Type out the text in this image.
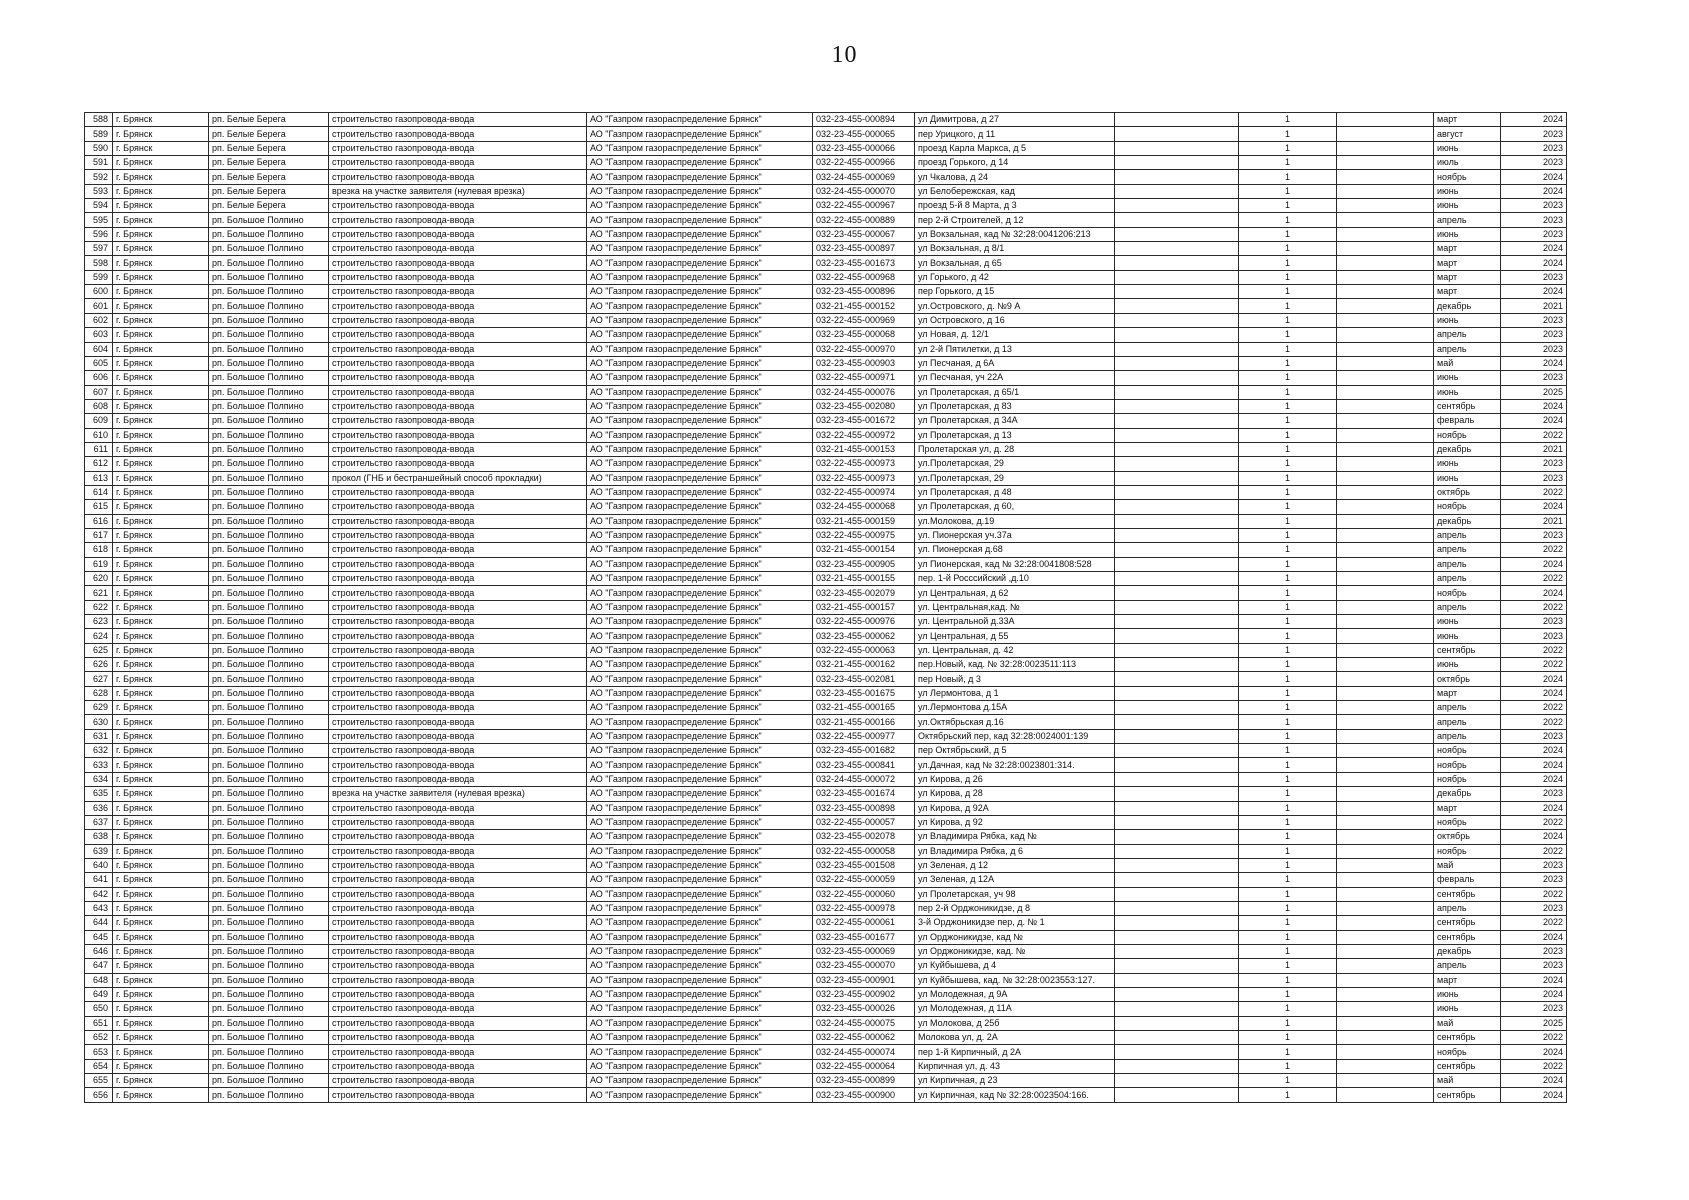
10
588	г. Брянск	рп. Белые Берега	строительство газопровода-ввода	АО "Газпром газораспределение Брянск"	032-23-455-000894	ул Димитрова, д 27		1		март	2024
589	г. Брянск	рп. Белые Берега	строительство газопровода-ввода	АО "Газпром газораспределение Брянск"	032-23-455-000065	пер Урицкого, д 11		1		август	2023
590	г. Брянск	рп. Белые Берега	строительство газопровода-ввода	АО "Газпром газораспределение Брянск"	032-23-455-000066	проезд Карла Маркса, д 5		1		июнь	2023
591	г. Брянск	рп. Белые Берега	строительство газопровода-ввода	АО "Газпром газораспределение Брянск"	032-22-455-000966	проезд Горького, д 14		1		июль	2023
592	г. Брянск	рп. Белые Берега	строительство газопровода-ввода	АО "Газпром газораспределение Брянск"	032-24-455-000069	ул Чкалова, д 24		1		ноябрь	2024
593	г. Брянск	рп. Белые Берега	врезка на участке заявителя (нулевая врезка)	АО "Газпром газораспределение Брянск"	032-24-455-000070	ул Белобережская, кад		1		июнь	2024
594	г. Брянск	рп. Белые Берега	строительство газопровода-ввода	АО "Газпром газораспределение Брянск"	032-22-455-000967	проезд 5-й 8 Марта, д 3		1		июнь	2023
595	г. Брянск	рп. Большое Полпино	строительство газопровода-ввода	АО "Газпром газораспределение Брянск"	032-22-455-000889	пер 2-й Строителей, д 12		1		апрель	2023
596	г. Брянск	рп. Большое Полпино	строительство газопровода-ввода	АО "Газпром газораспределение Брянск"	032-23-455-000067	ул Вокзальная, кад № 32:28:0041206:213		1		июнь	2023
597	г. Брянск	рп. Большое Полпино	строительство газопровода-ввода	АО "Газпром газораспределение Брянск"	032-23-455-000897	ул Вокзальная, д 8/1		1		март	2024
598	г. Брянск	рп. Большое Полпино	строительство газопровода-ввода	АО "Газпром газораспределение Брянск"	032-23-455-001673	ул Вокзальная, д 65		1		март	2024
599	г. Брянск	рп. Большое Полпино	строительство газопровода-ввода	АО "Газпром газораспределение Брянск"	032-22-455-000968	ул Горького, д 42		1		март	2023
600	г. Брянск	рп. Большое Полпино	строительство газопровода-ввода	АО "Газпром газораспределение Брянск"	032-23-455-000896	пер Горького, д 15		1		март	2024
601	г. Брянск	рп. Большое Полпино	строительство газопровода-ввода	АО "Газпром газораспределение Брянск"	032-21-455-000152	ул.Островского, д. №9 А		1		декабрь	2021
602	г. Брянск	рп. Большое Полпино	строительство газопровода-ввода	АО "Газпром газораспределение Брянск"	032-22-455-000969	ул Островского, д 16		1		июнь	2023
603	г. Брянск	рп. Большое Полпино	строительство газопровода-ввода	АО "Газпром газораспределение Брянск"	032-23-455-000068	ул Новая, д. 12/1		1		апрель	2023
604	г. Брянск	рп. Большое Полпино	строительство газопровода-ввода	АО "Газпром газораспределение Брянск"	032-22-455-000970	ул 2-й Пятилетки, д 13		1		апрель	2023
605	г. Брянск	рп. Большое Полпино	строительство газопровода-ввода	АО "Газпром газораспределение Брянск"	032-23-455-000903	ул Песчаная, д 6А		1		май	2024
606	г. Брянск	рп. Большое Полпино	строительство газопровода-ввода	АО "Газпром газораспределение Брянск"	032-22-455-000971	ул Песчаная, уч 22А		1		июнь	2023
607	г. Брянск	рп. Большое Полпино	строительство газопровода-ввода	АО "Газпром газораспределение Брянск"	032-24-455-000076	ул Пролетарская, д 65/1		1		июнь	2025
608	г. Брянск	рп. Большое Полпино	строительство газопровода-ввода	АО "Газпром газораспределение Брянск"	032-23-455-002080	ул Пролетарская, д 83		1		сентябрь	2024
609	г. Брянск	рп. Большое Полпино	строительство газопровода-ввода	АО "Газпром газораспределение Брянск"	032-23-455-001672	ул Пролетарская, д 34А		1		февраль	2024
610	г. Брянск	рп. Большое Полпино	строительство газопровода-ввода	АО "Газпром газораспределение Брянск"	032-22-455-000972	ул Пролетарская, д 13		1		ноябрь	2022
611	г. Брянск	рп. Большое Полпино	строительство газопровода-ввода	АО "Газпром газораспределение Брянск"	032-21-455-000153	Пролетарская ул, д. 28		1		декабрь	2021
612	г. Брянск	рп. Большое Полпино	строительство газопровода-ввода	АО "Газпром газораспределение Брянск"	032-22-455-000973	ул.Пролетарская, 29		1		июнь	2023
613	г. Брянск	рп. Большое Полпино	прокол (ГНБ и бестраншейный способ прокладки)	АО "Газпром газораспределение Брянск"	032-22-455-000973	ул.Пролетарская, 29		1		июнь	2023
614	г. Брянск	рп. Большое Полпино	строительство газопровода-ввода	АО "Газпром газораспределение Брянск"	032-22-455-000974	ул Пролетарская, д 48		1		октябрь	2022
615	г. Брянск	рп. Большое Полпино	строительство газопровода-ввода	АО "Газпром газораспределение Брянск"	032-24-455-000068	ул Пролетарская, д 60,		1		ноябрь	2024
616	г. Брянск	рп. Большое Полпино	строительство газопровода-ввода	АО "Газпром газораспределение Брянск"	032-21-455-000159	ул.Молокова, д.19		1		декабрь	2021
617	г. Брянск	рп. Большое Полпино	строительство газопровода-ввода	АО "Газпром газораспределение Брянск"	032-22-455-000975	ул. Пионерская уч.37а		1		апрель	2023
618	г. Брянск	рп. Большое Полпино	строительство газопровода-ввода	АО "Газпром газораспределение Брянск"	032-21-455-000154	ул. Пионерская д.68		1		апрель	2022
619	г. Брянск	рп. Большое Полпино	строительство газопровода-ввода	АО "Газпром газораспределение Брянск"	032-23-455-000905	ул Пионерская, кад № 32:28:0041808:528		1		апрель	2024
620	г. Брянск	рп. Большое Полпино	строительство газопровода-ввода	АО "Газпром газораспределение Брянск"	032-21-455-000155	пер. 1-й Росссийский ,д.10		1		апрель	2022
621	г. Брянск	рп. Большое Полпино	строительство газопровода-ввода	АО "Газпром газораспределение Брянск"	032-23-455-002079	ул Центральная, д 62		1		ноябрь	2024
622	г. Брянск	рп. Большое Полпино	строительство газопровода-ввода	АО "Газпром газораспределение Брянск"	032-21-455-000157	ул. Центральная,кад. №		1		апрель	2022
623	г. Брянск	рп. Большое Полпино	строительство газопровода-ввода	АО "Газпром газораспределение Брянск"	032-22-455-000976	ул. Центральной д.33А		1		июнь	2023
624	г. Брянск	рп. Большое Полпино	строительство газопровода-ввода	АО "Газпром газораспределение Брянск"	032-23-455-000062	ул Центральная, д 55		1		июнь	2023
625	г. Брянск	рп. Большое Полпино	строительство газопровода-ввода	АО "Газпром газораспределение Брянск"	032-22-455-000063	ул. Центральная, д. 42		1		сентябрь	2022
626	г. Брянск	рп. Большое Полпино	строительство газопровода-ввода	АО "Газпром газораспределение Брянск"	032-21-455-000162	пер.Новый, кад. № 32:28:0023511:113		1		июнь	2022
627	г. Брянск	рп. Большое Полпино	строительство газопровода-ввода	АО "Газпром газораспределение Брянск"	032-23-455-002081	пер Новый, д 3		1		октябрь	2024
628	г. Брянск	рп. Большое Полпино	строительство газопровода-ввода	АО "Газпром газораспределение Брянск"	032-23-455-001675	ул Лермонтова, д 1		1		март	2024
629	г. Брянск	рп. Большое Полпино	строительство газопровода-ввода	АО "Газпром газораспределение Брянск"	032-21-455-000165	ул.Лермонтова д.15А		1		апрель	2022
630	г. Брянск	рп. Большое Полпино	строительство газопровода-ввода	АО "Газпром газораспределение Брянск"	032-21-455-000166	ул.Октябрьская д.16		1		апрель	2022
631	г. Брянск	рп. Большое Полпино	строительство газопровода-ввода	АО "Газпром газораспределение Брянск"	032-22-455-000977	Октябрьский пер, кад 32:28:0024001:139		1		апрель	2023
632	г. Брянск	рп. Большое Полпино	строительство газопровода-ввода	АО "Газпром газораспределение Брянск"	032-23-455-001682	пер Октябрьский, д 5		1		ноябрь	2024
633	г. Брянск	рп. Большое Полпино	строительство газопровода-ввода	АО "Газпром газораспределение Брянск"	032-23-455-000841	ул.Дачная, кад № 32:28:0023801:314.		1		ноябрь	2024
634	г. Брянск	рп. Большое Полпино	строительство газопровода-ввода	АО "Газпром газораспределение Брянск"	032-24-455-000072	ул Кирова, д 26		1		ноябрь	2024
635	г. Брянск	рп. Большое Полпино	врезка на участке заявителя (нулевая врезка)	АО "Газпром газораспределение Брянск"	032-23-455-001674	ул Кирова, д 28		1		декабрь	2023
636	г. Брянск	рп. Большое Полпино	строительство газопровода-ввода	АО "Газпром газораспределение Брянск"	032-23-455-000898	ул Кирова, д 92А		1		март	2024
637	г. Брянск	рп. Большое Полпино	строительство газопровода-ввода	АО "Газпром газораспределение Брянск"	032-22-455-000057	ул Кирова, д 92		1		ноябрь	2022
638	г. Брянск	рп. Большое Полпино	строительство газопровода-ввода	АО "Газпром газораспределение Брянск"	032-23-455-002078	ул Владимира Рябка, кад №		1		октябрь	2024
639	г. Брянск	рп. Большое Полпино	строительство газопровода-ввода	АО "Газпром газораспределение Брянск"	032-22-455-000058	ул Владимира Рябка, д 6		1		ноябрь	2022
640	г. Брянск	рп. Большое Полпино	строительство газопровода-ввода	АО "Газпром газораспределение Брянск"	032-23-455-001508	ул Зеленая, д 12		1		май	2023
641	г. Брянск	рп. Большое Полпино	строительство газопровода-ввода	АО "Газпром газораспределение Брянск"	032-22-455-000059	ул Зеленая, д 12А		1		февраль	2023
642	г. Брянск	рп. Большое Полпино	строительство газопровода-ввода	АО "Газпром газораспределение Брянск"	032-22-455-000060	ул Пролетарская, уч 98		1		сентябрь	2022
643	г. Брянск	рп. Большое Полпино	строительство газопровода-ввода	АО "Газпром газораспределение Брянск"	032-22-455-000978	пер 2-й Орджоникидзе, д 8		1		апрель	2023
644	г. Брянск	рп. Большое Полпино	строительство газопровода-ввода	АО "Газпром газораспределение Брянск"	032-22-455-000061	3-й Орджоникидзе пер, д. № 1		1		сентябрь	2022
645	г. Брянск	рп. Большое Полпино	строительство газопровода-ввода	АО "Газпром газораспределение Брянск"	032-23-455-001677	ул Орджоникидзе, кад №		1		сентябрь	2024
646	г. Брянск	рп. Большое Полпино	строительство газопровода-ввода	АО "Газпром газораспределение Брянск"	032-23-455-000069	ул Орджоникидзе, кад. №		1		декабрь	2023
647	г. Брянск	рп. Большое Полпино	строительство газопровода-ввода	АО "Газпром газораспределение Брянск"	032-23-455-000070	ул Куйбышева, д 4		1		апрель	2023
648	г. Брянск	рп. Большое Полпино	строительство газопровода-ввода	АО "Газпром газораспределение Брянск"	032-23-455-000901	ул Куйбышева, кад. № 32:28:0023553:127.		1		март	2024
649	г. Брянск	рп. Большое Полпино	строительство газопровода-ввода	АО "Газпром газораспределение Брянск"	032-23-455-000902	ул Молодежная, д 9А		1		июнь	2024
650	г. Брянск	рп. Большое Полпино	строительство газопровода-ввода	АО "Газпром газораспределение Брянск"	032-23-455-000026	ул Молодежная, д 11А		1		июнь	2023
651	г. Брянск	рп. Большое Полпино	строительство газопровода-ввода	АО "Газпром газораспределение Брянск"	032-24-455-000075	ул Молокова, д 25б		1		май	2025
652	г. Брянск	рп. Большое Полпино	строительство газопровода-ввода	АО "Газпром газораспределение Брянск"	032-22-455-000062	Молокова ул, д. 2А		1		сентябрь	2022
653	г. Брянск	рп. Большое Полпино	строительство газопровода-ввода	АО "Газпром газораспределение Брянск"	032-24-455-000074	пер 1-й Кирпичный, д 2А		1		ноябрь	2024
654	г. Брянск	рп. Большое Полпино	строительство газопровода-ввода	АО "Газпром газораспределение Брянск"	032-22-455-000064	Кирпичная ул, д. 43		1		сентябрь	2022
655	г. Брянск	рп. Большое Полпино	строительство газопровода-ввода	АО "Газпром газораспределение Брянск"	032-23-455-000899	ул Кирпичная, д 23		1		май	2024
656	г. Брянск	рп. Большое Полпино	строительство газопровода-ввода	АО "Газпром газораспределение Брянск"	032-23-455-000900	ул Кирпичная, кад № 32:28:0023504:166.		1		сентябрь	2024
